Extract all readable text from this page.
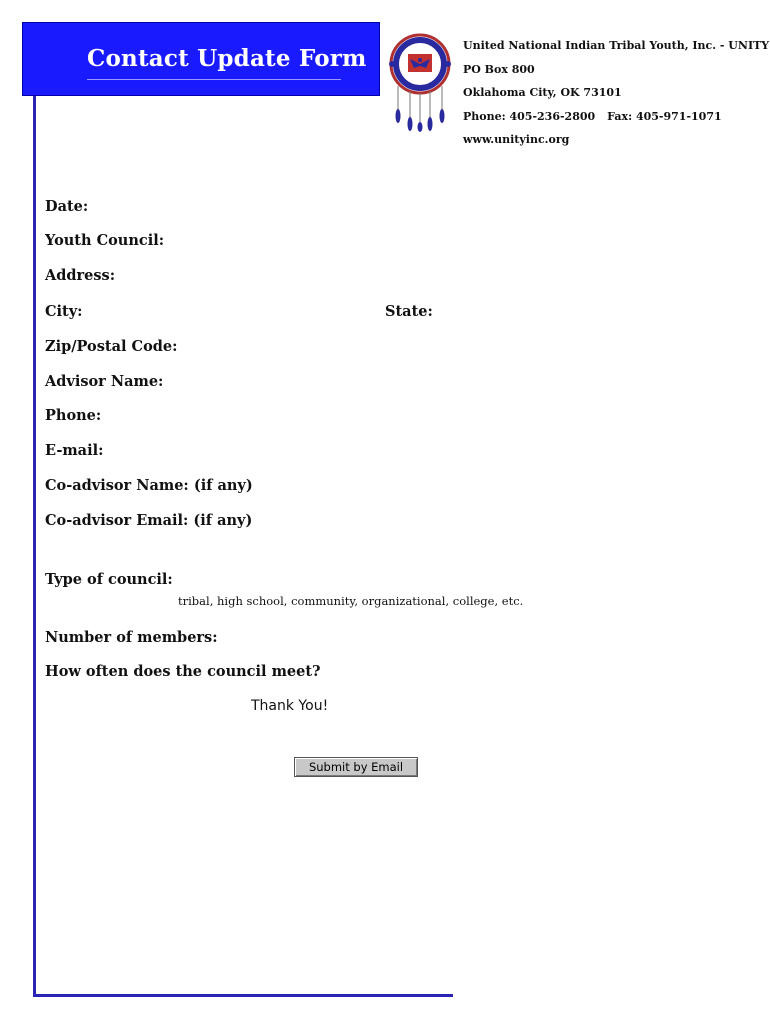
Contact Update Form	United National Indian Tribal Youth, Inc. - UNITY
PO Box 800
Oklahoma City, OK 73101
Phone: 405-236-2800 Fax: 405-971-1071
www.unityinc.org
Date:
Youth Council:
Address:
City:	State:
Zip/Postal Code:
Advisor Name:
Phone:
E-mail:
Co-advisor Name: (if any)
Co-advisor Email: (if any)
Type of council:
tribal, high school, community, organizational, college, etc.
Number of members:
How often does the council meet?
Thank You!
Submit by Email
